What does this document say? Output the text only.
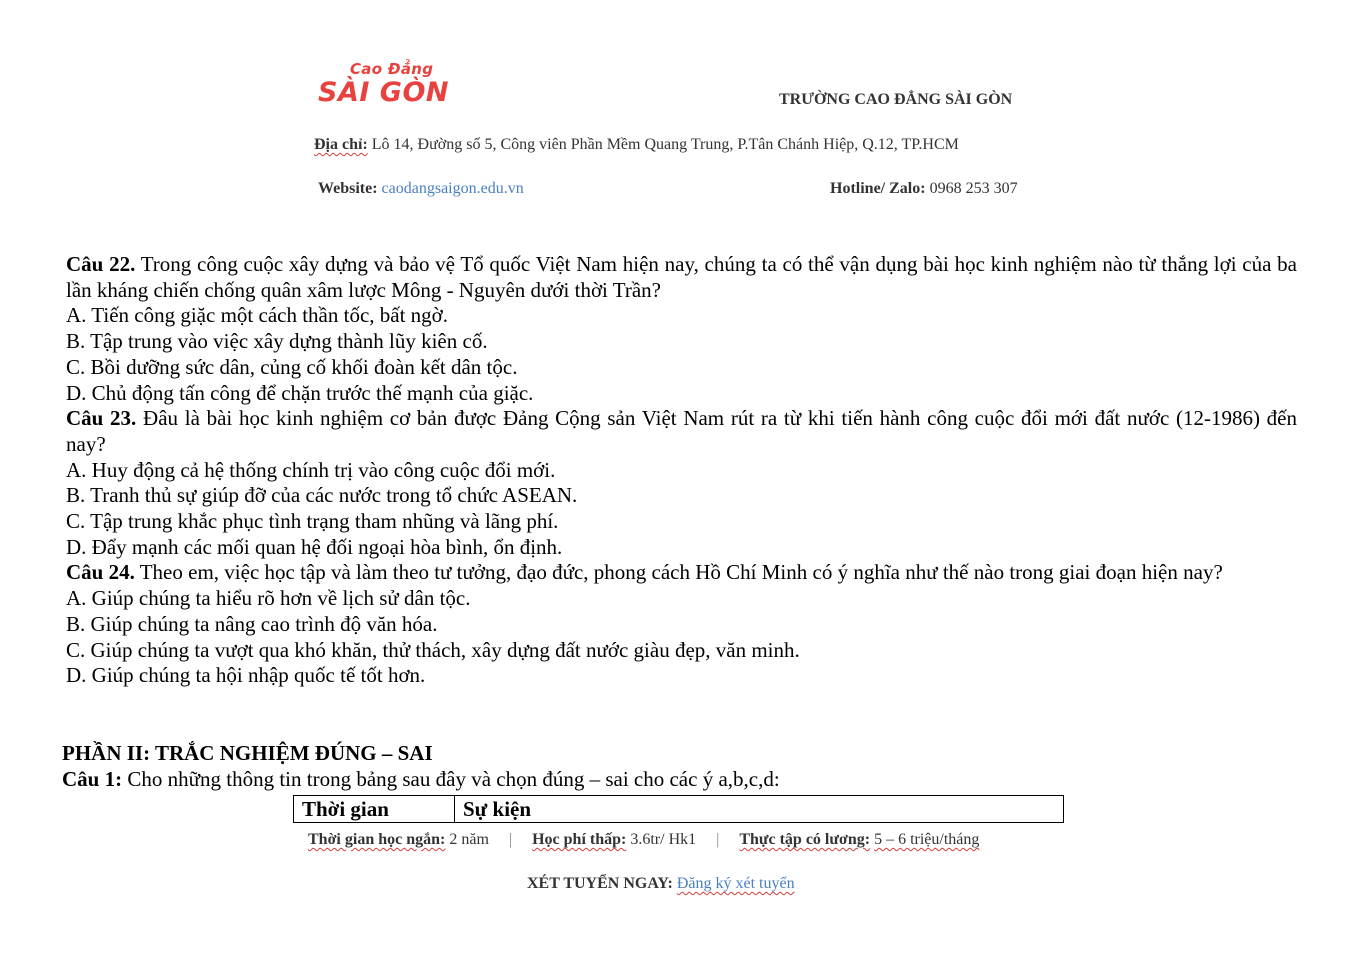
Cao Đẳng
SÀI GÒN	TRƯỜNG CAO ĐẲNG SÀI GÒN
Địa chỉ: Lô 14, Đường số 5, Công viên Phần Mềm Quang Trung, P.Tân Chánh Hiệp, Q.12, TP.HCM
Website: caodangsaigon.edu.vn	Hotline/ Zalo: 0968 253 307

Câu 22. Trong công cuộc xây dựng và bảo vệ Tổ quốc Việt Nam hiện nay, chúng ta có thể vận dụng bài học kinh nghiệm nào từ thắng lợi của ba lần kháng chiến chống quân xâm lược Mông - Nguyên dưới thời Trần?

A. Tiến công giặc một cách thần tốc, bất ngờ.

B. Tập trung vào việc xây dựng thành lũy kiên cố.

C. Bồi dưỡng sức dân, củng cố khối đoàn kết dân tộc.

D. Chủ động tấn công để chặn trước thế mạnh của giặc.

Câu 23. Đâu là bài học kinh nghiệm cơ bản được Đảng Cộng sản Việt Nam rút ra từ khi tiến hành công cuộc đổi mới đất nước (12-1986) đến nay?

A. Huy động cả hệ thống chính trị vào công cuộc đổi mới.

B. Tranh thủ sự giúp đỡ của các nước trong tổ chức ASEAN.

C. Tập trung khắc phục tình trạng tham nhũng và lãng phí.

D. Đẩy mạnh các mối quan hệ đối ngoại hòa bình, ổn định.

Câu 24. Theo em, việc học tập và làm theo tư tưởng, đạo đức, phong cách Hồ Chí Minh có ý nghĩa như thế nào trong giai đoạn hiện nay?

A. Giúp chúng ta hiểu rõ hơn về lịch sử dân tộc.

B. Giúp chúng ta nâng cao trình độ văn hóa.

C. Giúp chúng ta vượt qua khó khăn, thử thách, xây dựng đất nước giàu đẹp, văn minh.

D. Giúp chúng ta hội nhập quốc tế tốt hơn.

PHẦN II: TRẮC NGHIỆM ĐÚNG – SAI

Câu 1: Cho những thông tin trong bảng sau đây và chọn đúng – sai cho các ý a,b,c,d:

Thời gian	Sự kiện
Thời gian học ngắn: 2 năm | Học phí thấp: 3.6tr/ Hk1 | Thực tập có lương: 5 – 6 triệu/tháng
XÉT TUYỂN NGAY: Đăng ký xét tuyển
